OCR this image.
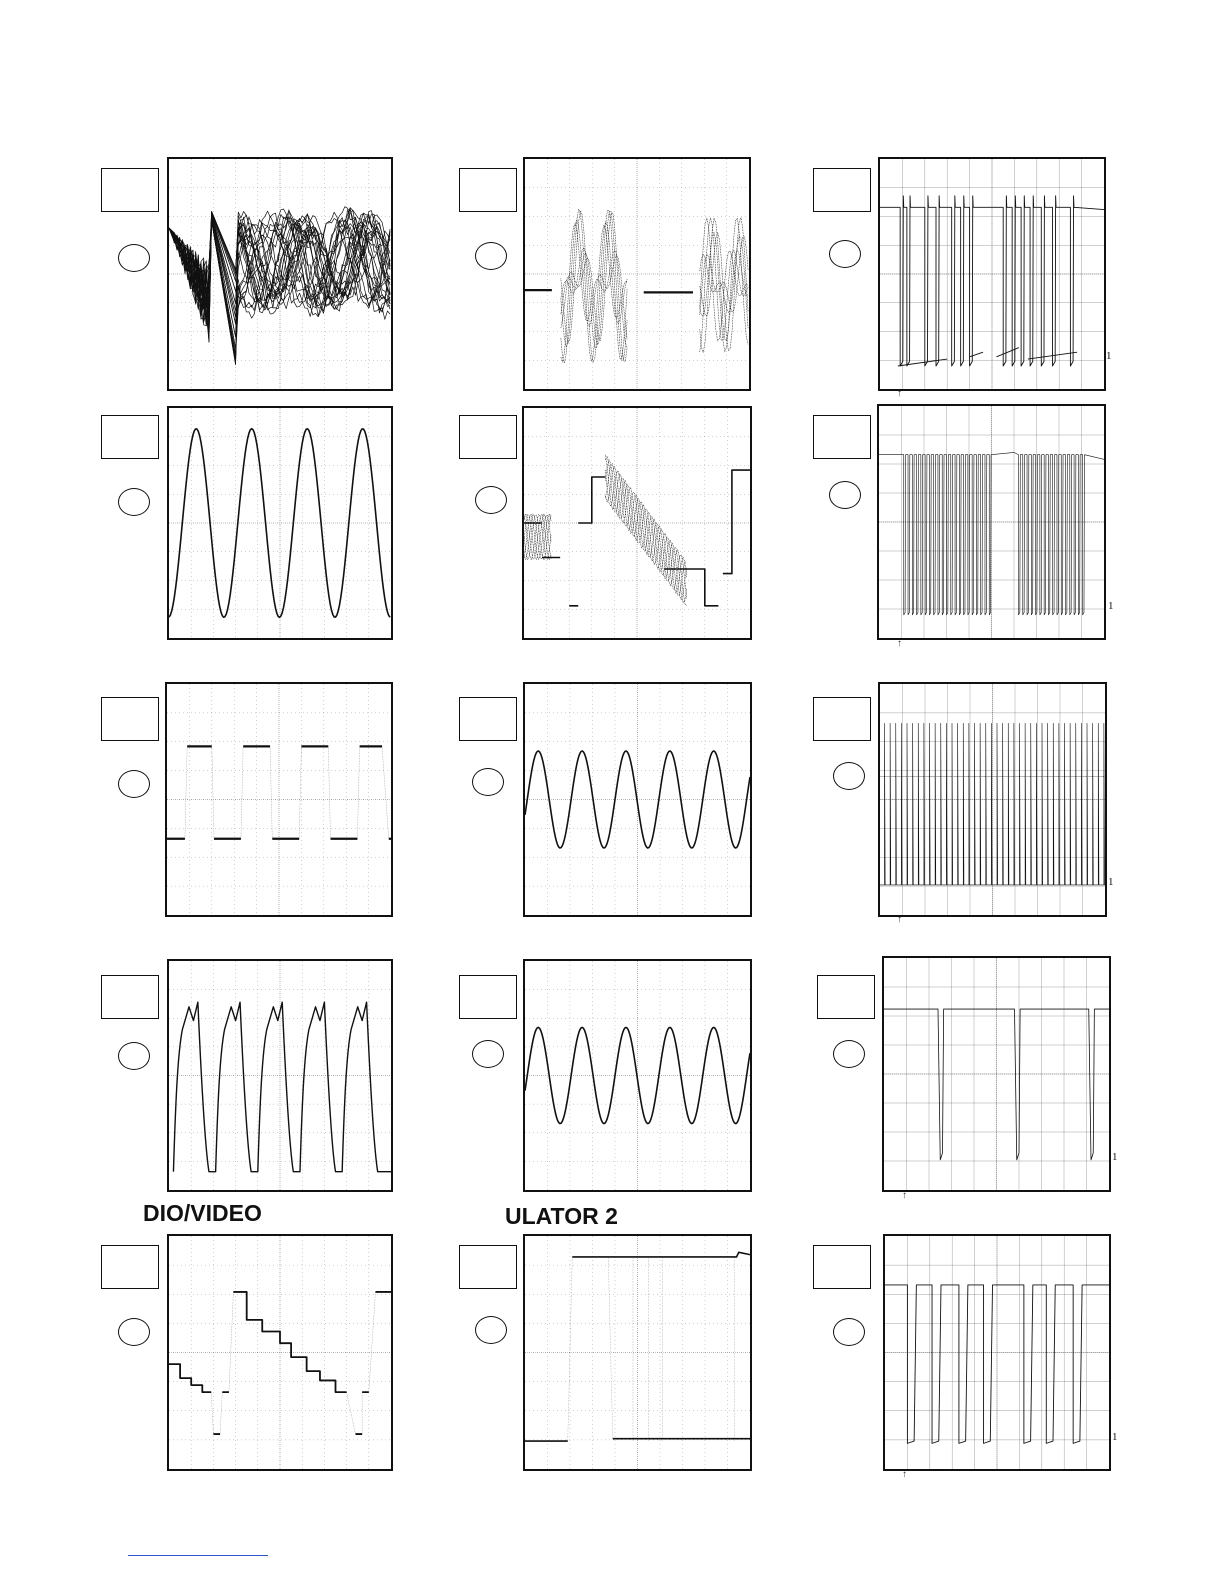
DIO/VIDEO	ULATOR 2
1
1
1
1
1
↑
↑
↑
↑
↑
